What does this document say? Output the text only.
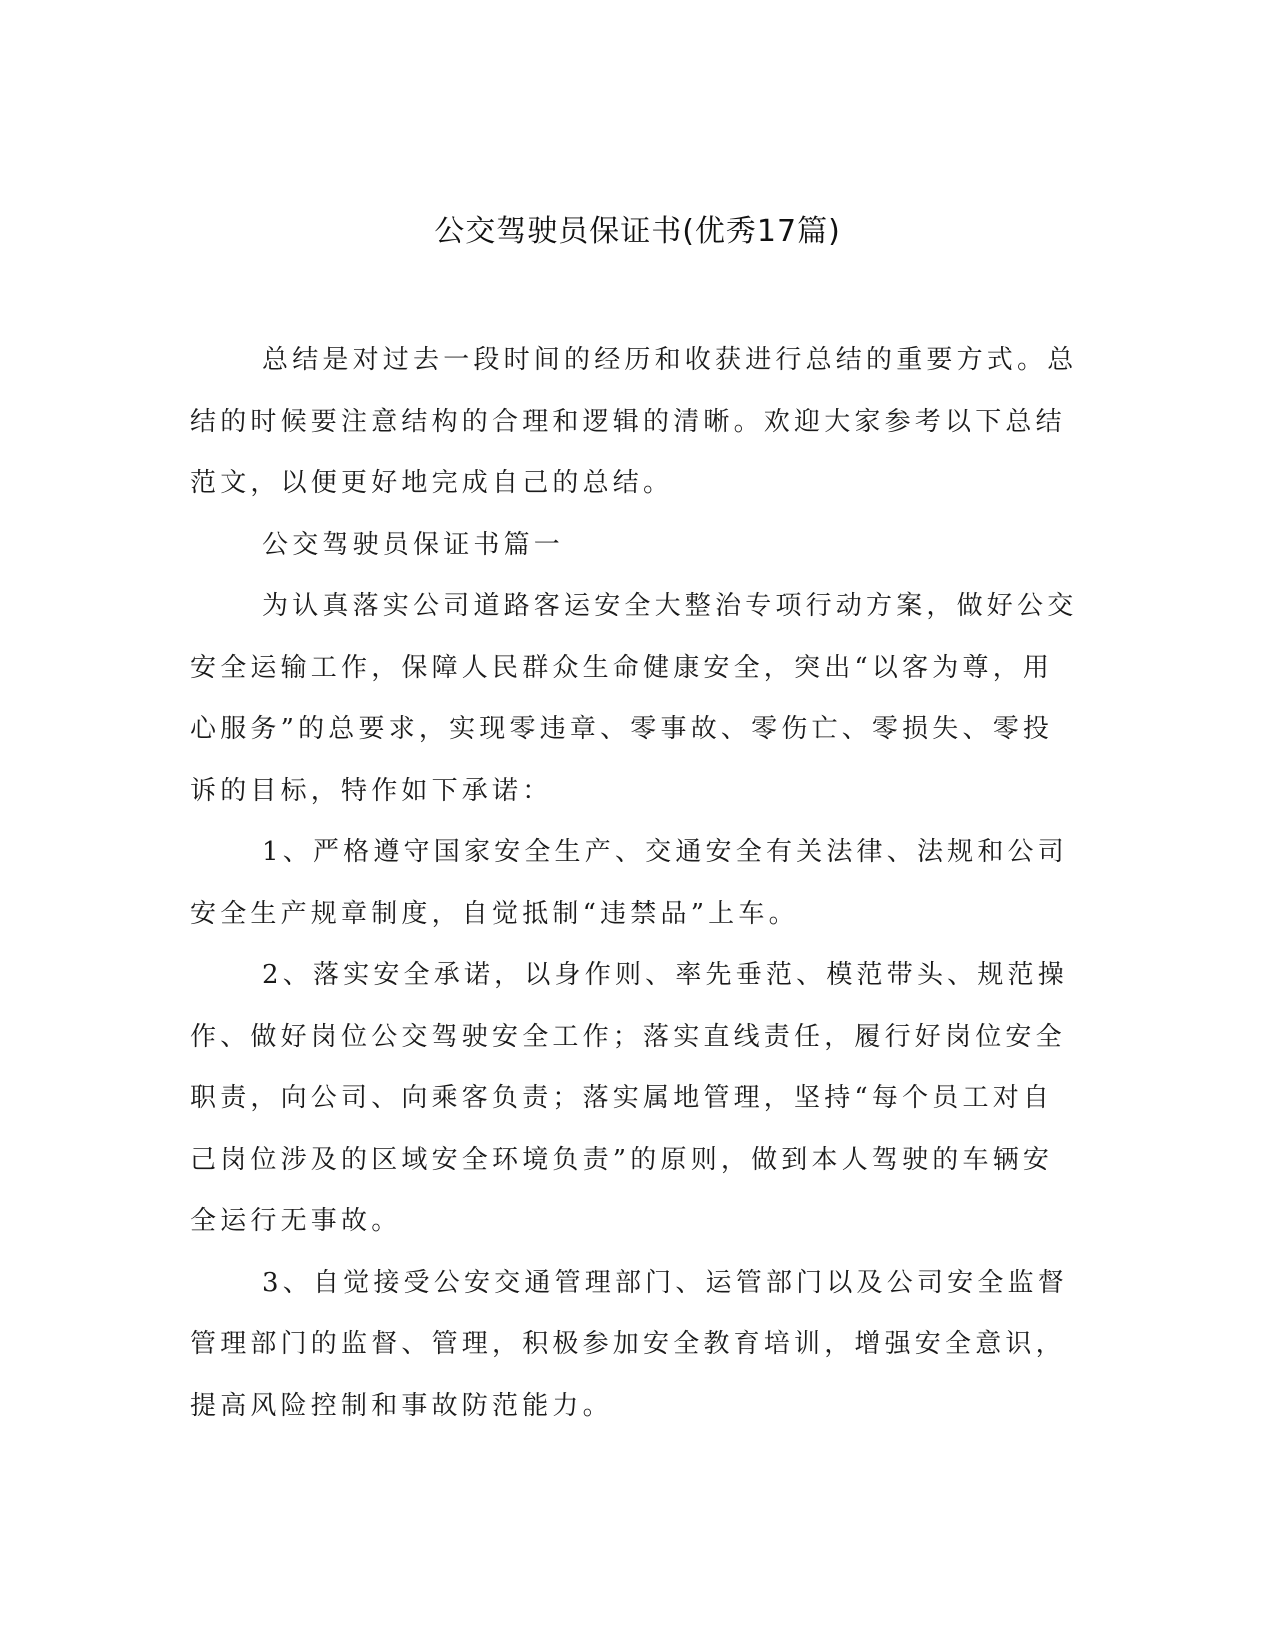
公交驾驶员保证书(优秀17篇)

总结是对过去一段时间的经历和收获进行总结的重要方式。总结的时候要注意结构的合理和逻辑的清晰。欢迎大家参考以下总结范文，以便更好地完成自己的总结。

公交驾驶员保证书篇一

为认真落实公司道路客运安全大整治专项行动方案，做好公交安全运输工作，保障人民群众生命健康安全，突出“以客为尊，用心服务”的总要求，实现零违章、零事故、零伤亡、零损失、零投诉的目标，特作如下承诺：

1、严格遵守国家安全生产、交通安全有关法律、法规和公司安全生产规章制度，自觉抵制“违禁品”上车。

2、落实安全承诺，以身作则、率先垂范、模范带头、规范操作、做好岗位公交驾驶安全工作；落实直线责任，履行好岗位安全职责，向公司、向乘客负责；落实属地管理，坚持“每个员工对自己岗位涉及的区域安全环境负责”的原则，做到本人驾驶的车辆安全运行无事故。

3、自觉接受公安交通管理部门、运管部门以及公司安全监督管理部门的监督、管理，积极参加安全教育培训，增强安全意识，提高风险控制和事故防范能力。
